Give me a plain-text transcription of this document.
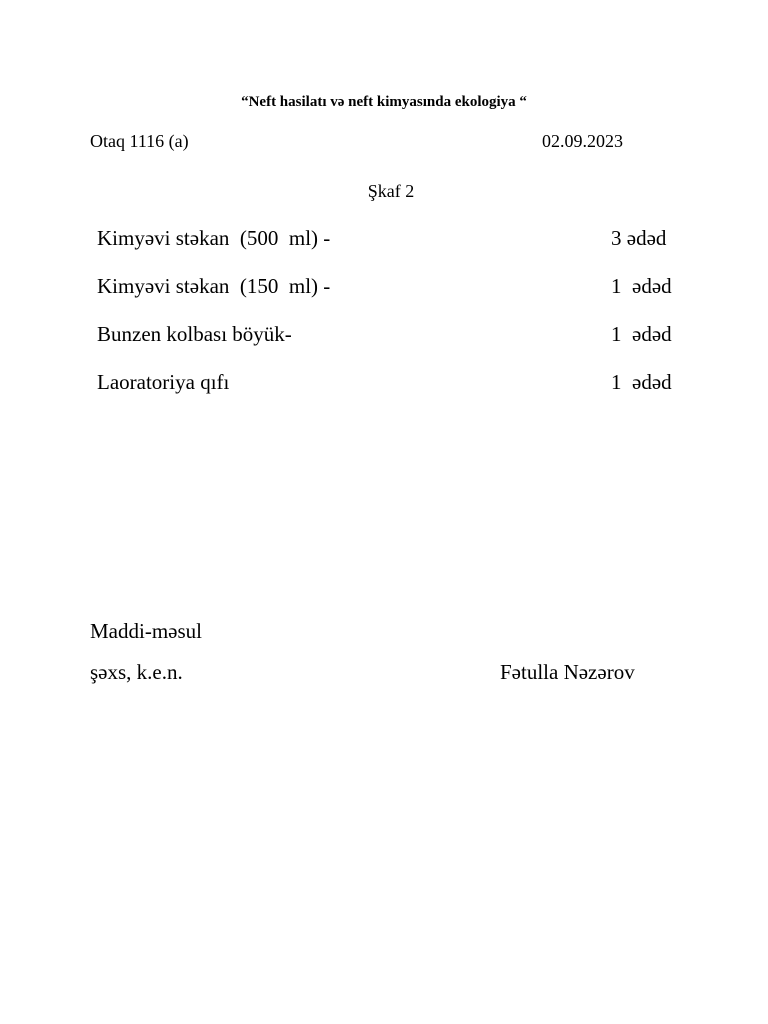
“Neft hasilatı və neft kimyasında ekologiya “
Otaq 1116 (a)	02.09.2023
Şkaf 2
Kimyəvi stəkan  (500  ml) -	3 ədəd
Kimyəvi stəkan  (150  ml) -	1  ədəd
Bunzen kolbası böyük-	1  ədəd
Laoratoriya qıfı	1  ədəd
Maddi-məsul
şəxs, k.e.n.	Fətulla Nəzərov
